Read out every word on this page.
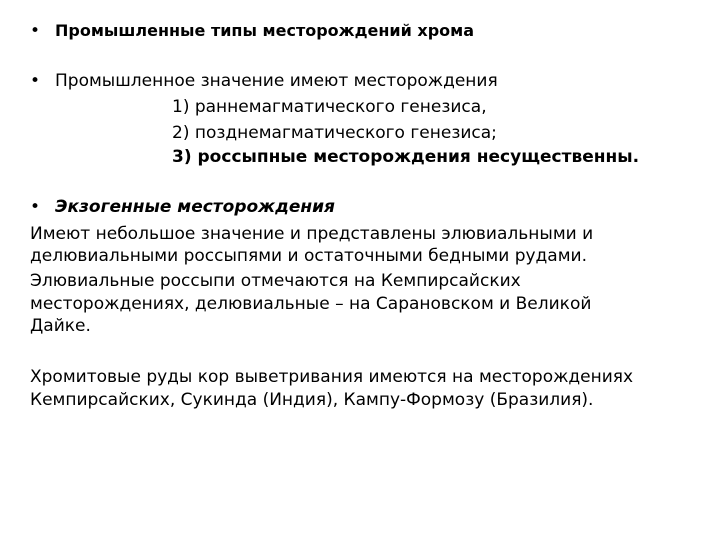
• Промышленные типы месторождений хрома
• Промышленное значение имеют месторождения
1) раннемагматического генезиса,
2) позднемагматического генезиса;
3) россыпные месторождения несущественны.
• Экзогенные месторождения
Имеют небольшое значение и представлены элювиальными и
делювиальными россыпями и остаточными бедными рудами.
Элювиальные россыпи отмечаются на Кемпирсайских
месторождениях, делювиальные – на Сарановском и Великой
Дайке.
Хромитовые руды кор выветривания имеются на месторождениях
Кемпирсайских, Сукинда (Индия), Кампу-Формозу (Бразилия).
